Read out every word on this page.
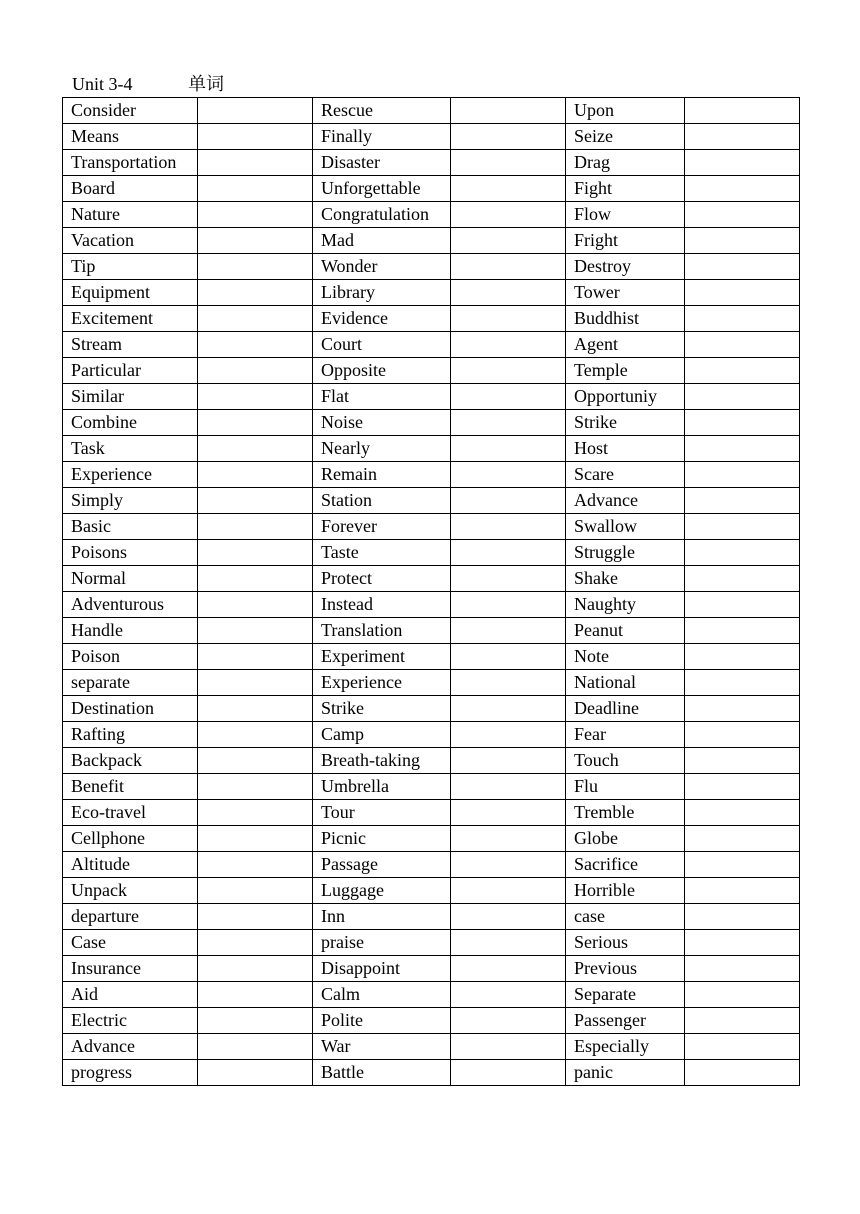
Unit 3-4	单词
Consider		Rescue		Upon	
Means		Finally		Seize	
Transportation		Disaster		Drag	
Board		Unforgettable		Fight	
Nature		Congratulation		Flow	
Vacation		Mad		Fright	
Tip		Wonder		Destroy	
Equipment		Library		Tower	
Excitement		Evidence		Buddhist	
Stream		Court		Agent	
Particular		Opposite		Temple	
Similar		Flat		Opportuniy	
Combine		Noise		Strike	
Task		Nearly		Host	
Experience		Remain		Scare	
Simply		Station		Advance	
Basic		Forever		Swallow	
Poisons		Taste		Struggle	
Normal		Protect		Shake	
Adventurous		Instead		Naughty	
Handle		Translation		Peanut	
Poison		Experiment		Note	
separate		Experience		National	
Destination		Strike		Deadline	
Rafting		Camp		Fear	
Backpack		Breath-taking		Touch	
Benefit		Umbrella		Flu	
Eco-travel		Tour		Tremble	
Cellphone		Picnic		Globe	
Altitude		Passage		Sacrifice	
Unpack		Luggage		Horrible	
departure		Inn		case	
Case		praise		Serious	
Insurance		Disappoint		Previous	
Aid		Calm		Separate	
Electric		Polite		Passenger	
Advance		War		Especially	
progress		Battle		panic	
